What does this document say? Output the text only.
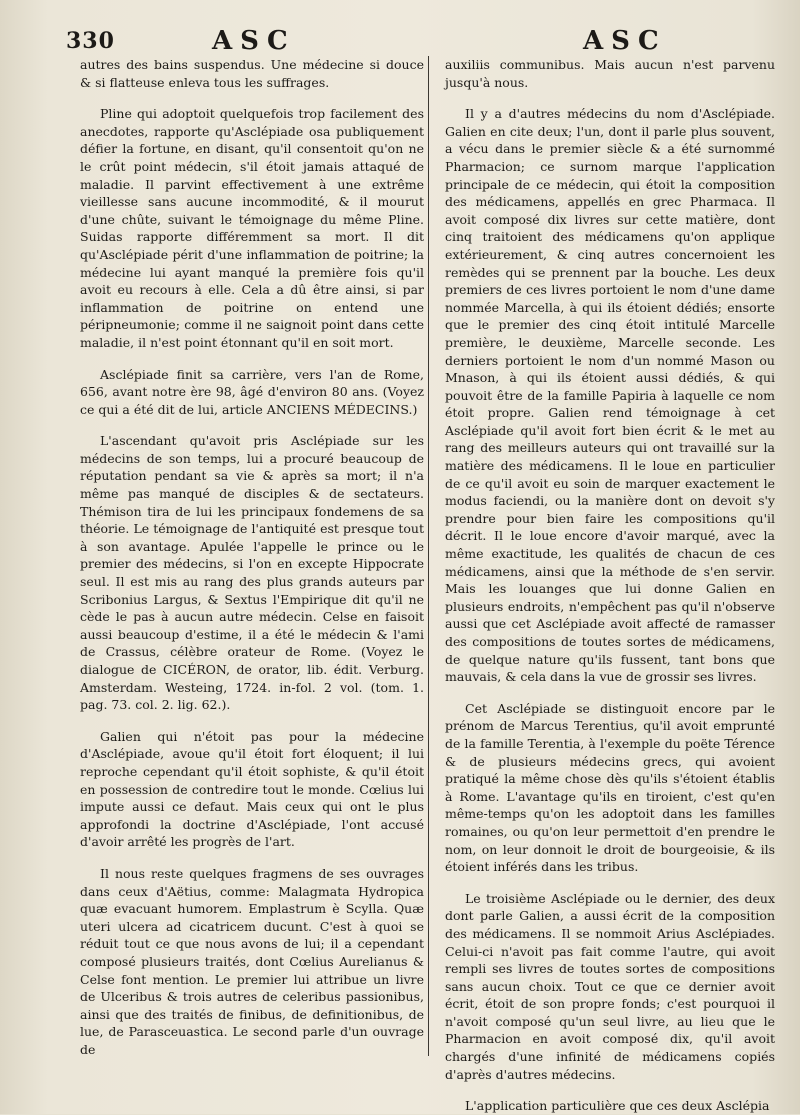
330	ASC	ASC

autres des bains suspendus. Une médecine si douce & si flatteuse enleva tous les suffrages.

Pline qui adoptoit quelquefois trop facilement des anecdotes, rapporte qu'Asclépiade osa publiquement défier la fortune, en disant, qu'il consentoit qu'on ne le crût point médecin, s'il étoit jamais attaqué de maladie. Il parvint effectivement à une extrême vieillesse sans aucune incommodité, & il mourut d'une chûte, suivant le témoignage du même Pline. Suidas rapporte différemment sa mort. Il dit qu'Asclépiade périt d'une inflammation de poitrine; la médecine lui ayant manqué la première fois qu'il avoit eu recours à elle. Cela a dû être ainsi, si par inflammation de poitrine on entend une péripneumonie; comme il ne saignoit point dans cette maladie, il n'est point étonnant qu'il en soit mort.

Asclépiade finit sa carrière, vers l'an de Rome, 656, avant notre ère 98, âgé d'environ 80 ans. (Voyez ce qui a été dit de lui, article ANCIENS MÉDECINS.)

L'ascendant qu'avoit pris Asclépiade sur les médecins de son temps, lui a procuré beaucoup de réputation pendant sa vie & après sa mort; il n'a même pas manqué de disciples & de sectateurs. Thémison tira de lui les principaux fondemens de sa théorie. Le témoignage de l'antiquité est presque tout à son avantage. Apulée l'appelle le prince ou le premier des médecins, si l'on en excepte Hippocrate seul. Il est mis au rang des plus grands auteurs par Scribonius Largus, & Sextus l'Empirique dit qu'il ne cède le pas à aucun autre médecin. Celse en faisoit aussi beaucoup d'estime, il a été le médecin & l'ami de Crassus, célèbre orateur de Rome. (Voyez le dialogue de CICÉRON, de orator, lib. édit. Verburg. Amsterdam. Westeing, 1724. in-fol. 2 vol. (tom. 1. pag. 73. col. 2. lig. 62.).

Galien qui n'étoit pas pour la médecine d'Asclépiade, avoue qu'il étoit fort éloquent; il lui reproche cependant qu'il étoit sophiste, & qu'il étoit en possession de contredire tout le monde. Cœlius lui impute aussi ce defaut. Mais ceux qui ont le plus approfondi la doctrine d'Asclépiade, l'ont accusé d'avoir arrêté les progrès de l'art.

Il nous reste quelques fragmens de ses ouvrages dans ceux d'Aëtius, comme: Malagmata Hydropica quæ evacuant humorem. Emplastrum è Scylla. Quæ uteri ulcera ad cicatricem ducunt. C'est à quoi se réduit tout ce que nous avons de lui; il a cependant composé plusieurs traités, dont Cœlius Aurelianus & Celse font mention. Le premier lui attribue un livre de Ulceribus & trois autres de celeribus passionibus, ainsi que des traités de finibus, de definitionibus, de lue, de Parasceuastica. Le second parle d'un ouvrage de

auxiliis communibus. Mais aucun n'est parvenu jusqu'à nous.

Il y a d'autres médecins du nom d'Asclépiade. Galien en cite deux; l'un, dont il parle plus souvent, a vécu dans le premier siècle & a été surnommé Pharmacion; ce surnom marque l'application principale de ce médecin, qui étoit la composition des médicamens, appellés en grec Pharmaca. Il avoit composé dix livres sur cette matière, dont cinq traitoient des médicamens qu'on applique extérieurement, & cinq autres concernoient les remèdes qui se prennent par la bouche. Les deux premiers de ces livres portoient le nom d'une dame nommée Marcella, à qui ils étoient dédiés; ensorte que le premier des cinq étoit intitulé Marcelle première, le deuxième, Marcelle seconde. Les derniers portoient le nom d'un nommé Mason ou Mnason, à qui ils étoient aussi dédiés, & qui pouvoit être de la famille Papiria à laquelle ce nom étoit propre. Galien rend témoignage à cet Asclépiade qu'il avoit fort bien écrit & le met au rang des meilleurs auteurs qui ont travaillé sur la matière des médicamens. Il le loue en particulier de ce qu'il avoit eu soin de marquer exactement le modus faciendi, ou la manière dont on devoit s'y prendre pour bien faire les compositions qu'il décrit. Il le loue encore d'avoir marqué, avec la même exactitude, les qualités de chacun de ces médicamens, ainsi que la méthode de s'en servir. Mais les louanges que lui donne Galien en plusieurs endroits, n'empêchent pas qu'il n'observe aussi que cet Asclépiade avoit affecté de ramasser des compositions de toutes sortes de médicamens, de quelque nature qu'ils fussent, tant bons que mauvais, & cela dans la vue de grossir ses livres.

Cet Asclépiade se distinguoit encore par le prénom de Marcus Terentius, qu'il avoit emprunté de la famille Terentia, à l'exemple du poëte Térence & de plusieurs médecins grecs, qui avoient pratiqué la même chose dès qu'ils s'étoient établis à Rome. L'avantage qu'ils en tiroient, c'est qu'en même-temps qu'on les adoptoit dans les familles romaines, ou qu'on leur permettoit d'en prendre le nom, on leur donnoit le droit de bourgeoisie, & ils étoient inférés dans les tribus.

Le troisième Asclépiade ou le dernier, des deux dont parle Galien, a aussi écrit de la composition des médicamens. Il se nommoit Arius Asclépiades. Celui-ci n'avoit pas fait comme l'autre, qui avoit rempli ses livres de toutes sortes de compositions sans aucun choix. Tout ce que ce dernier avoit écrit, étoit de son propre fonds; c'est pourquoi il n'avoit composé qu'un seul livre, au lieu que le Pharmacion en avoit composé dix, qu'il avoit chargés d'une infinité de médicamens copiés d'après d'autres médecins.

L'application particulière que ces deux Asclépia
